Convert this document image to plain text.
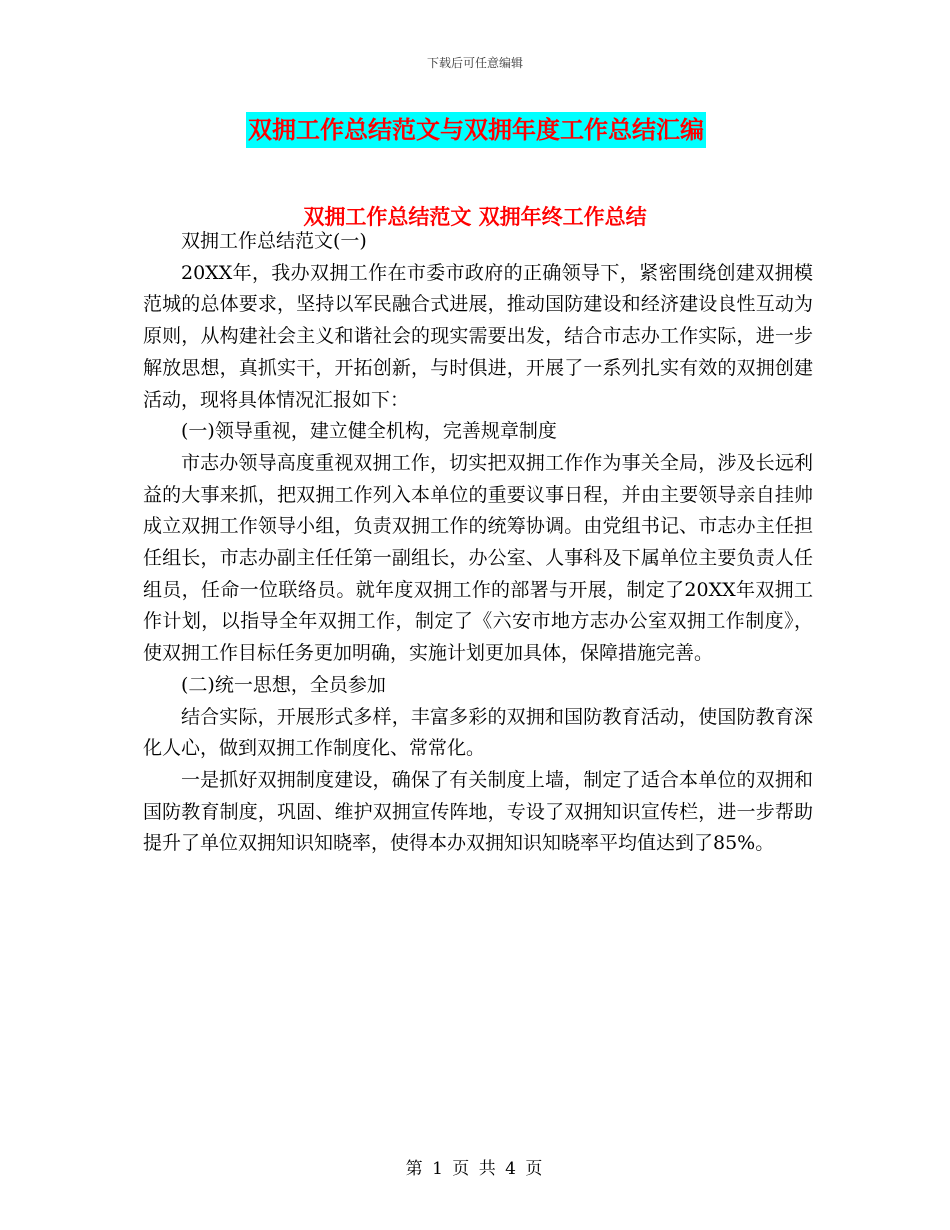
下载后可任意编辑
双拥工作总结范文与双拥年度工作总结汇编
双拥工作总结范文 双拥年终工作总结

双拥工作总结范文(一)

20XX年，我办双拥工作在市委市政府的正确领导下，紧密围绕创建双拥模范城的总体要求，坚持以军民融合式进展，推动国防建设和经济建设良性互动为原则，从构建社会主义和谐社会的现实需要出发，结合市志办工作实际，进一步解放思想，真抓实干，开拓创新，与时俱进，开展了一系列扎实有效的双拥创建活动，现将具体情况汇报如下：

(一)领导重视，建立健全机构，完善规章制度

市志办领导高度重视双拥工作，切实把双拥工作作为事关全局，涉及长远利益的大事来抓，把双拥工作列入本单位的重要议事日程，并由主要领导亲自挂帅成立双拥工作领导小组，负责双拥工作的统筹协调。由党组书记、市志办主任担任组长，市志办副主任任第一副组长，办公室、人事科及下属单位主要负责人任组员，任命一位联络员。就年度双拥工作的部署与开展，制定了20XX年双拥工作计划，以指导全年双拥工作，制定了《六安市地方志办公室双拥工作制度》，使双拥工作目标任务更加明确，实施计划更加具体，保障措施完善。

(二)统一思想，全员参加

结合实际，开展形式多样，丰富多彩的双拥和国防教育活动，使国防教育深化人心，做到双拥工作制度化、常常化。

一是抓好双拥制度建设，确保了有关制度上墙，制定了适合本单位的双拥和国防教育制度，巩固、维护双拥宣传阵地，专设了双拥知识宣传栏，进一步帮助提升了单位双拥知识知晓率，使得本办双拥知识知晓率平均值达到了85%。

第 1 页 共 4 页
